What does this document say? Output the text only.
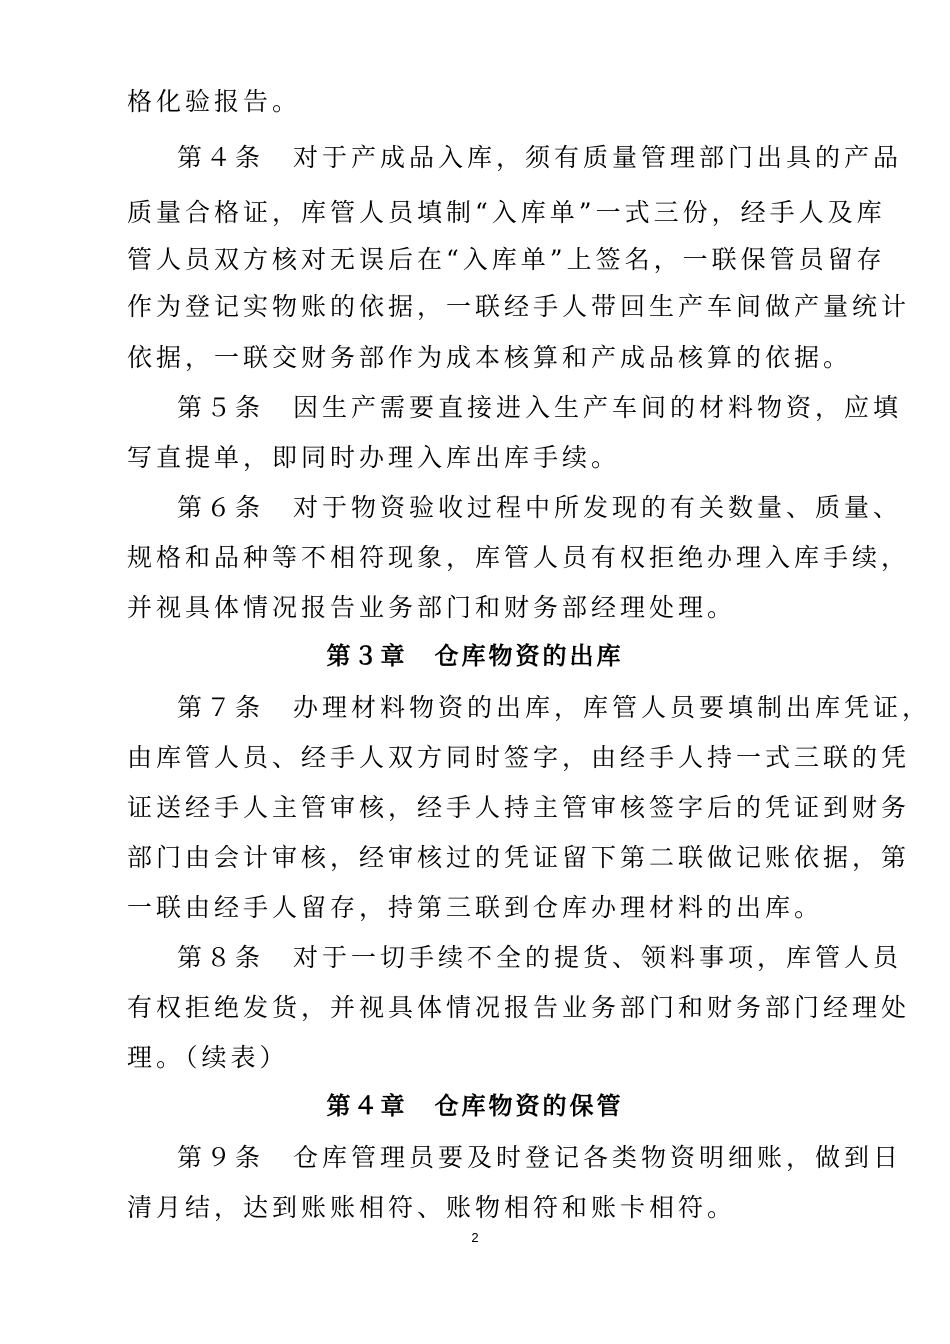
格化验报告。
第４条　对于产成品入库，须有质量管理部门出具的产品
质量合格证，库管人员填制“入库单”一式三份，经手人及库
管人员双方核对无误后在“入库单”上签名，一联保管员留存
作为登记实物账的依据，一联经手人带回生产车间做产量统计
依据，一联交财务部作为成本核算和产成品核算的依据。
第５条　因生产需要直接进入生产车间的材料物资，应填
写直提单，即同时办理入库出库手续。
第６条　对于物资验收过程中所发现的有关数量、质量、
规格和品种等不相符现象，库管人员有权拒绝办理入库手续，
并视具体情况报告业务部门和财务部经理处理。
第３章　仓库物资的出库
第７条　办理材料物资的出库，库管人员要填制出库凭证，
由库管人员、经手人双方同时签字，由经手人持一式三联的凭
证送经手人主管审核，经手人持主管审核签字后的凭证到财务
部门由会计审核，经审核过的凭证留下第二联做记账依据，第
一联由经手人留存，持第三联到仓库办理材料的出库。
第８条　对于一切手续不全的提货、领料事项，库管人员
有权拒绝发货，并视具体情况报告业务部门和财务部门经理处
理。（续表）
第４章　仓库物资的保管
第９条　仓库管理员要及时登记各类物资明细账，做到日
清月结，达到账账相符、账物相符和账卡相符。
2
